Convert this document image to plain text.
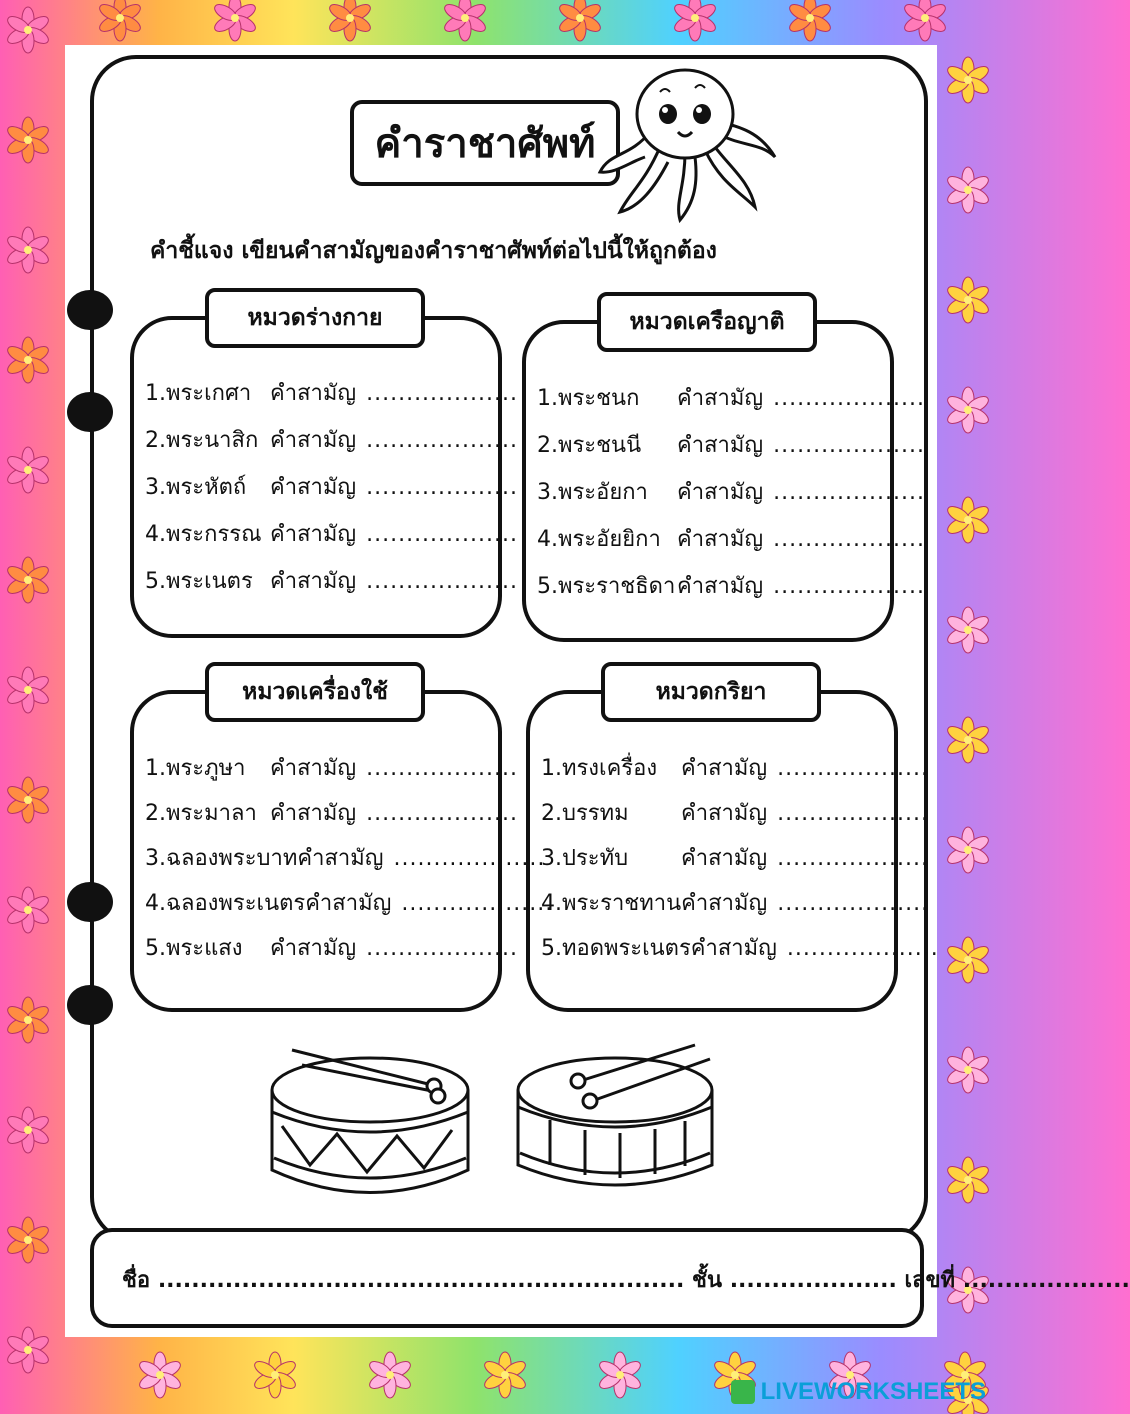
คำราชาศัพท์
คำชี้แจง เขียนคำสามัญของคำราชาศัพท์ต่อไปนี้ให้ถูกต้อง
หมวดร่างกาย	หมวดเครือญาติ
หมวดเครื่องใช้	หมวดกริยา
1.พระเกศา คำสามัญ ...................
2.พระนาสิก คำสามัญ ...................
3.พระหัตถ์ คำสามัญ ...................
4.พระกรรณ คำสามัญ ...................
5.พระเนตร คำสามัญ ...................
1.พระชนก คำสามัญ ...................
2.พระชนนี คำสามัญ ...................
3.พระอัยกา คำสามัญ ...................
4.พระอัยยิกา คำสามัญ ...................
5.พระราชธิดาคำสามัญ ...................
1.พระภูษา คำสามัญ ...................
2.พระมาลา คำสามัญ ...................
3.ฉลองพระบาทคำสามัญ ...................
4.ฉลองพระเนตรคำสามัญ ...................
5.พระแสง คำสามัญ ...................
1.ทรงเครื่อง คำสามัญ ...................
2.บรรทม คำสามัญ ...................
3.ประทับ คำสามัญ ...................
4.พระราชทานคำสามัญ ...................
5.ทอดพระเนตรคำสามัญ ...................
ชื่อ ............................................................... ชั้น .................... เลขที่ ....................
LIVEWORKSHEETS
